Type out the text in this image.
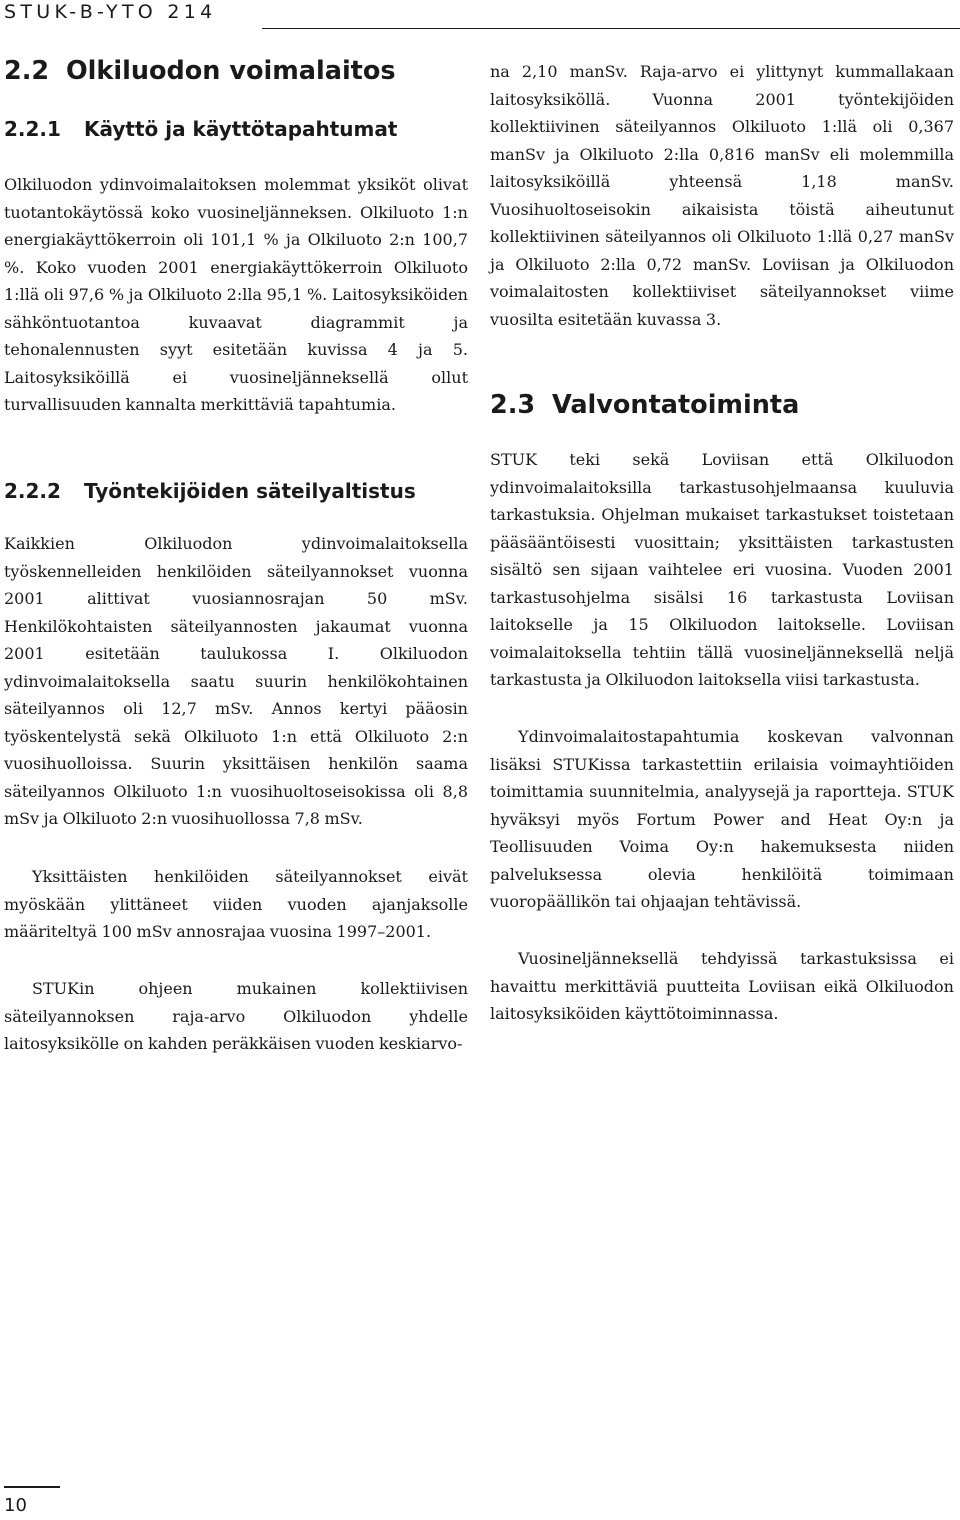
STUK-B-YTO 214
2.2 Olkiluodon voimalaitos
2.2.1 Käyttö ja käyttötapahtumat

Olkiluodon ydinvoimalaitoksen molemmat yksiköt olivat tuotantokäytössä koko vuosineljänneksen. Olkiluoto 1:n energiakäyttökerroin oli 101,1 % ja Olkiluoto 2:n 100,7 %. Koko vuoden 2001 energiakäyttökerroin Olkiluoto 1:llä oli 97,6 % ja Olkiluoto 2:lla 95,1 %. Laitosyksiköiden sähköntuotantoa kuvaavat diagrammit ja tehonalennusten syyt esitetään kuvissa 4 ja 5. Laitosyksiköillä ei vuosineljänneksellä ollut turvallisuuden kannalta merkittäviä tapahtumia.

2.2.2 Työntekijöiden säteilyaltistus

Kaikkien Olkiluodon ydinvoimalaitoksella työskennelleiden henkilöiden säteilyannokset vuonna 2001 alittivat vuosiannosrajan 50 mSv. Henkilökohtaisten säteilyannosten jakaumat vuonna 2001 esitetään taulukossa I. Olkiluodon ydinvoimalaitoksella saatu suurin henkilökohtainen säteilyannos oli 12,7 mSv. Annos kertyi pääosin työskentelystä sekä Olkiluoto 1:n että Olkiluoto 2:n vuosihuolloissa. Suurin yksittäisen henkilön saama säteilyannos Olkiluoto 1:n vuosihuoltoseisokissa oli 8,8 mSv ja Olkiluoto 2:n vuosihuollossa 7,8 mSv.

Yksittäisten henkilöiden säteilyannokset eivät myöskään ylittäneet viiden vuoden ajanjaksolle määriteltyä 100 mSv annosrajaa vuosina 1997–2001.

STUKin ohjeen mukainen kollektiivisen säteilyannoksen raja-arvo Olkiluodon yhdelle laitosyksikölle on kahden peräkkäisen vuoden keskiarvo-

na 2,10 manSv. Raja-arvo ei ylittynyt kummallakaan laitosyksiköllä. Vuonna 2001 työntekijöiden kollektiivinen säteilyannos Olkiluoto 1:llä oli 0,367 manSv ja Olkiluoto 2:lla 0,816 manSv eli molemmilla laitosyksiköillä yhteensä 1,18 manSv. Vuosihuoltoseisokin aikaisista töistä aiheutunut kollektiivinen säteilyannos oli Olkiluoto 1:llä 0,27 manSv ja Olkiluoto 2:lla 0,72 manSv. Loviisan ja Olkiluodon voimalaitosten kollektiiviset säteilyannokset viime vuosilta esitetään kuvassa 3.

2.3 Valvontatoiminta

STUK teki sekä Loviisan että Olkiluodon ydinvoimalaitoksilla tarkastusohjelmaansa kuuluvia tarkastuksia. Ohjelman mukaiset tarkastukset toistetaan pääsääntöisesti vuosittain; yksittäisten tarkastusten sisältö sen sijaan vaihtelee eri vuosina. Vuoden 2001 tarkastusohjelma sisälsi 16 tarkastusta Loviisan laitokselle ja 15 Olkiluodon laitokselle. Loviisan voimalaitoksella tehtiin tällä vuosineljänneksellä neljä tarkastusta ja Olkiluodon laitoksella viisi tarkastusta.

Ydinvoimalaitostapahtumia koskevan valvonnan lisäksi STUKissa tarkastettiin erilaisia voimayhtiöiden toimittamia suunnitelmia, analyysejä ja raportteja. STUK hyväksyi myös Fortum Power and Heat Oy:n ja Teollisuuden Voima Oy:n hakemuksesta niiden palveluksessa olevia henkilöitä toimimaan vuoropäällikön tai ohjaajan tehtävissä.

Vuosineljänneksellä tehdyissä tarkastuksissa ei havaittu merkittäviä puutteita Loviisan eikä Olkiluodon laitosyksiköiden käyttötoiminnassa.

10
